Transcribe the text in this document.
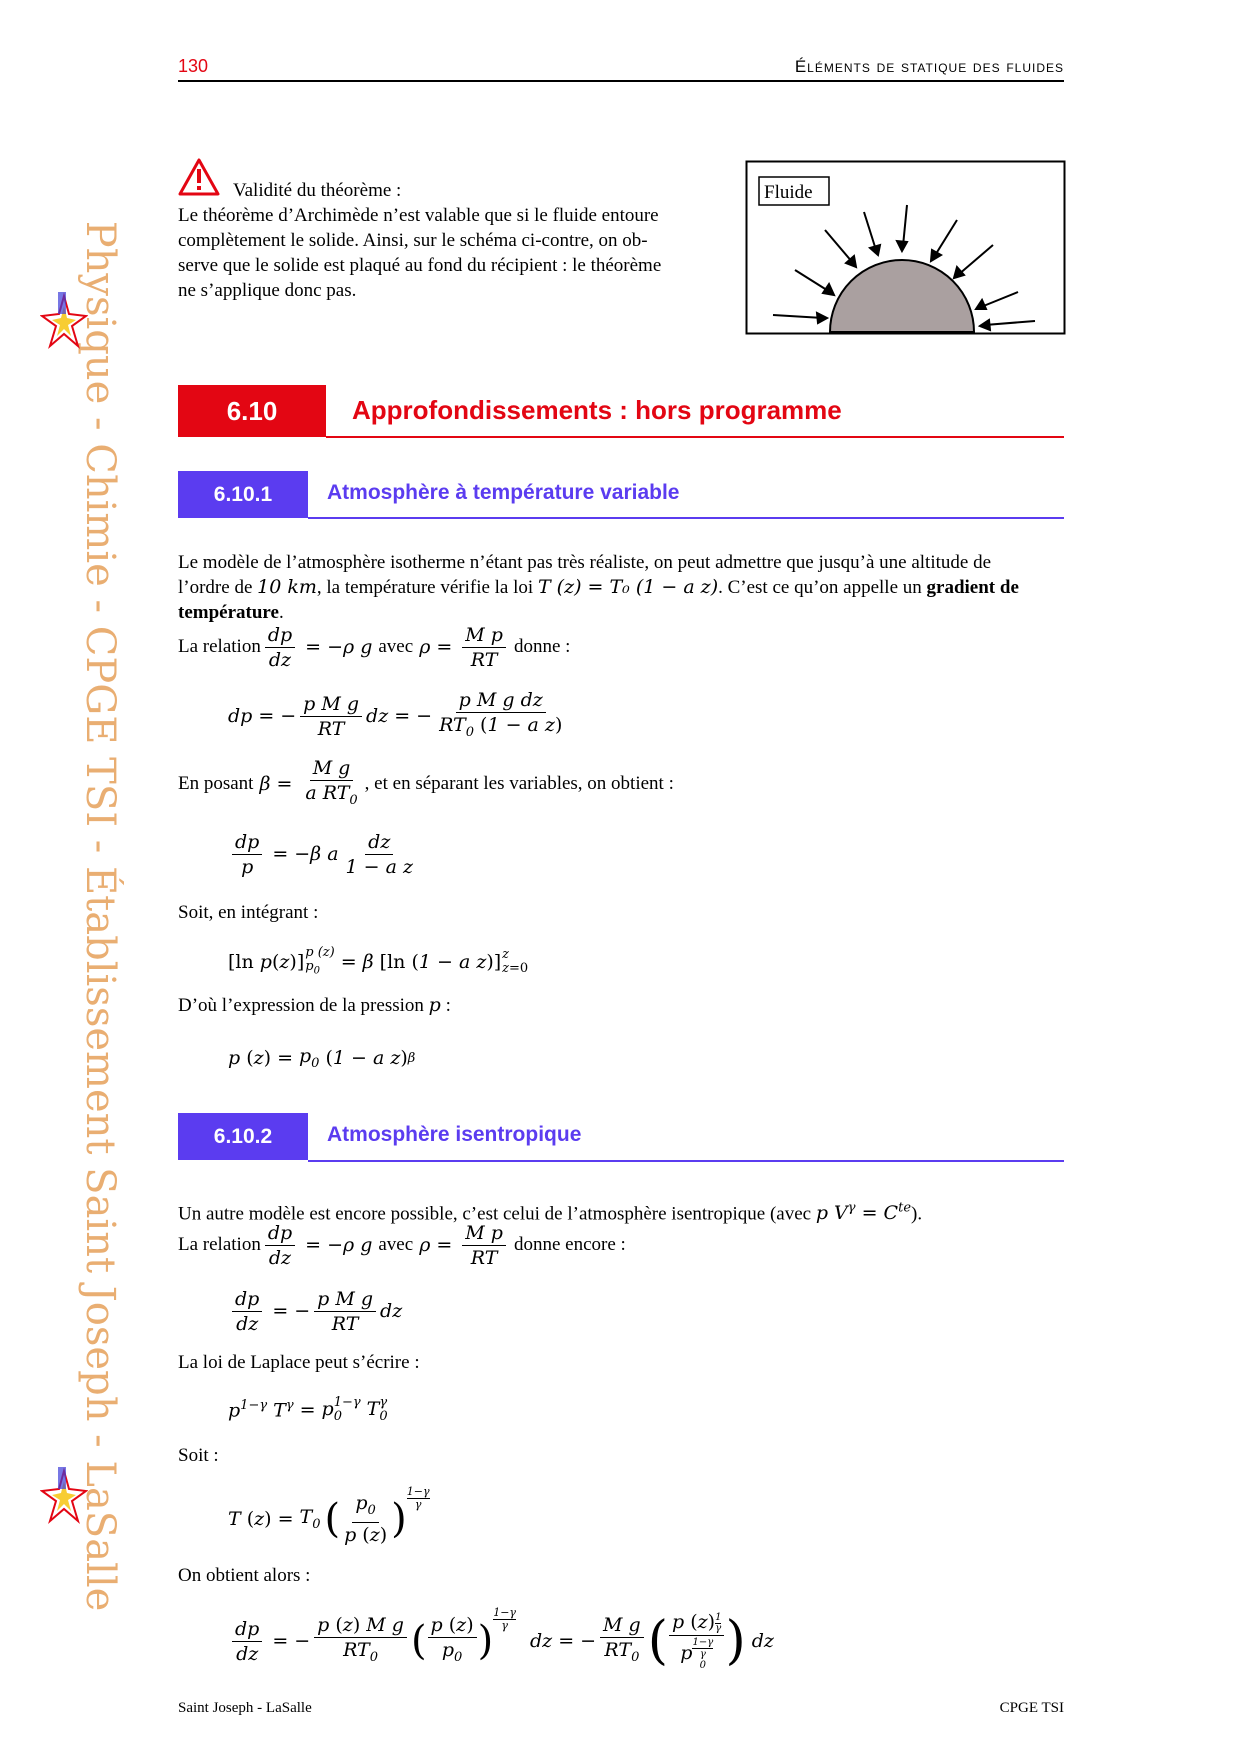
130	Éléments de statique des fluides
Physique - Chimie - CPGE TSI - Établissement Saint Joseph - LaSalle
Validité du théorème :
Le théorème d’Archimède n’est valable que si le fluide entoure
complètement le solide. Ainsi, sur le schéma ci-contre, on ob-
serve que le solide est plaqué au fond du récipient : le théorème
ne s’applique donc pas.
Fluide
6.10	Approfondissements : hors programme
6.10.1	Atmosphère à température variable
Le modèle de l’atmosphère isotherme n’étant pas très réaliste, on peut admettre que jusqu’à une altitude de
l’ordre de 10 km, la température vérifie la loi T (z) = T₀ (1 − a z). C’est ce qu’on appelle un gradient de
température.
La relation $\frac{dp}{dz} = -\rho$ g avec $\rho = \frac{\text{M p}}{RT}$ donne :
dp = − $\frac{\text{p M g}}{RT}$ dz = − $\frac{\text{p M g dz}}{RT_0 (1 - a z)}$
En posant $\beta = \frac{\text{M g}}{a RT_0}$ , et en séparant les variables, on obtient :
$\frac{dp}{p} = -\beta$ a $\frac{dz}{\text{1 − a z}}$
Soit, en intégrant :
[ ln p ( z ) ] p (z)
$p_0$	= β
[ ln
( 1 − a z ) ] z
z=0
D’où l’expression de la pression p :
p $(z) = p_0$
( 1 − a z ) β
6.10.2	Atmosphère isentropique
Un autre modèle est encore possible, c’est celui de l’atmosphère isentropique (avec p $V^\gamma = C^{te}$).
La relation $\frac{dp}{dz} = -\rho$ g avec $\rho = \frac{\text{M p}}{RT}$ donne encore :
$\frac{dp}{dz}$ = − $\frac{\text{p M g}}{RT}$ dz
La loi de Laplace peut s’écrire :
$p^{1-\gamma}$ $T^\gamma = p$ 1−γ
0 T γ
0
Soit :
T $(z) = T_0$ ( $\frac{p_0}{p (z)}$ )
1−γ
γ
On obtient alors :
$\frac{dp}{dz}$ = − $\frac{\text{p (z) M g}}{RT_0}$ ( $\frac{p (z)}{p_0}$ )
1−γ
γ
dz = − $\frac{\text{M g}}{RT_0}$ ( p $(z) \frac{1}{\gamma}$
p 1−γ
γ
0 ) dz
Saint Joseph - LaSalle	CPGE TSI
